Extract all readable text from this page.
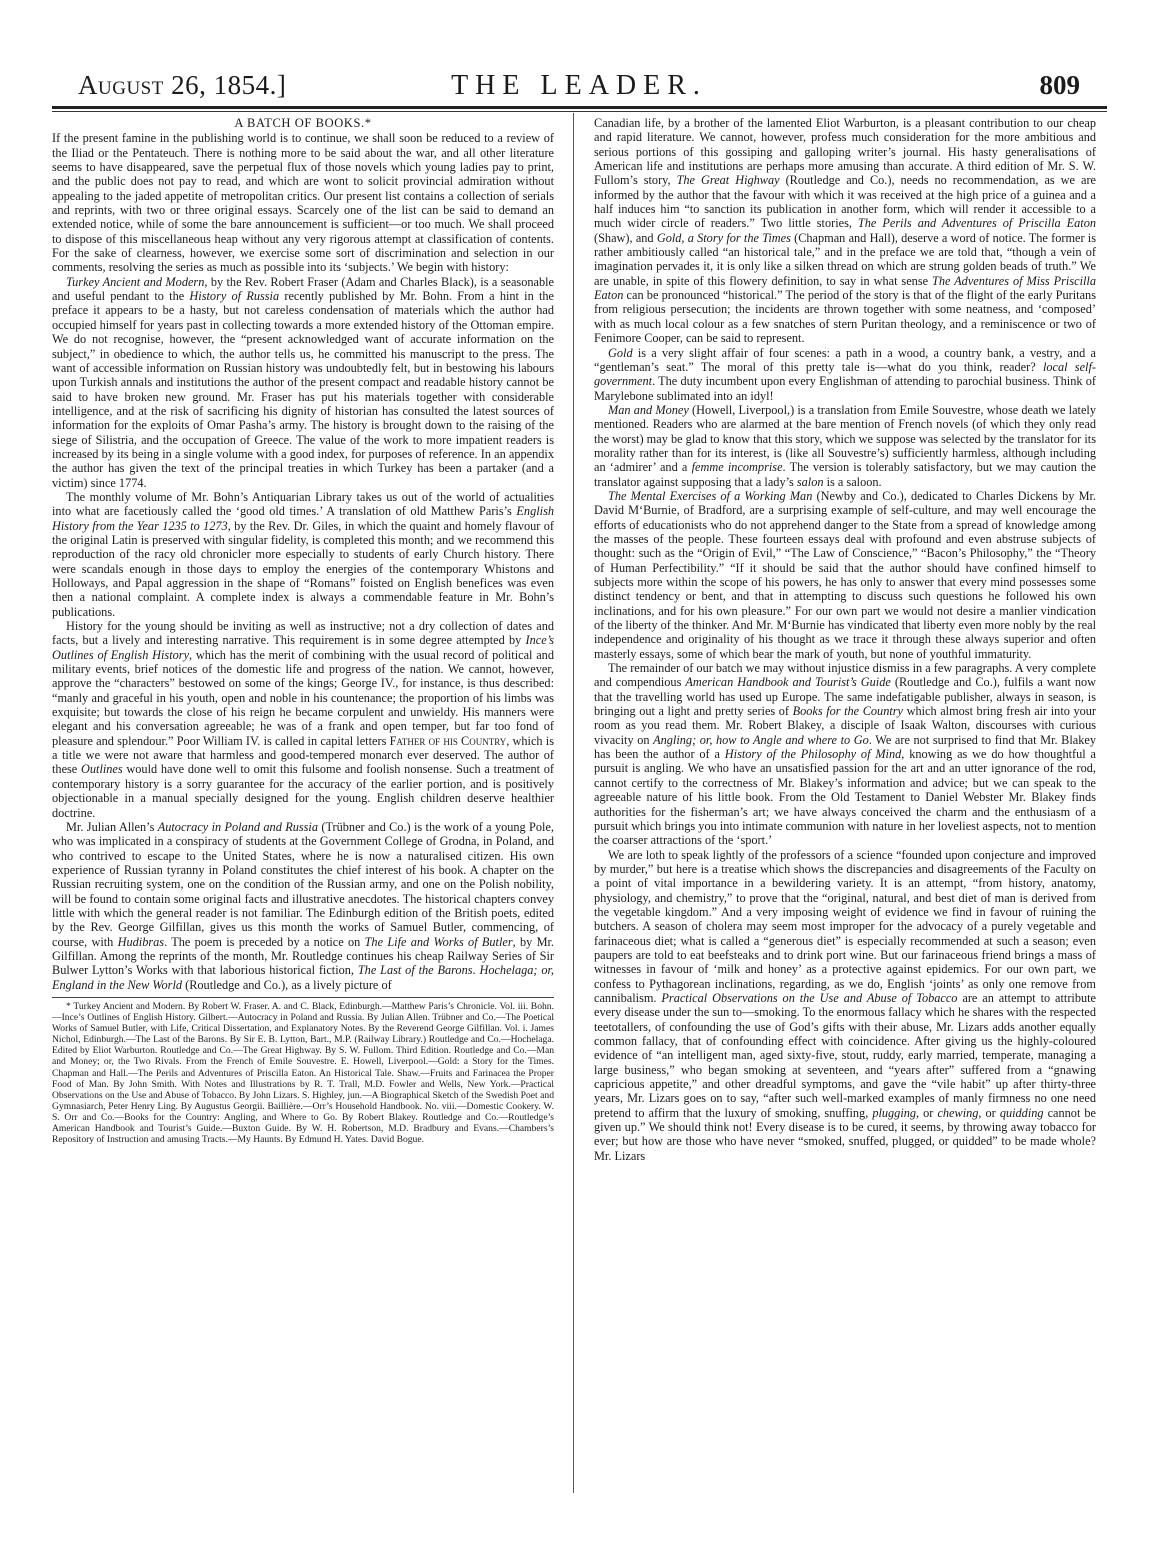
August 26, 1854.]	THE LEADER.	809
A BATCH OF BOOKS.*

If the present famine in the publishing world is to continue, we shall soon be reduced to a review of the Iliad or the Pentateuch. There is nothing more to be said about the war, and all other literature seems to have disappeared, save the perpetual flux of those novels which young ladies pay to print, and the public does not pay to read, and which are wont to solicit provincial admiration without appealing to the jaded appetite of metropolitan critics. Our present list contains a collection of serials and reprints, with two or three original essays. Scarcely one of the list can be said to demand an extended notice, while of some the bare announcement is sufficient—or too much. We shall proceed to dispose of this miscellaneous heap without any very rigorous attempt at classification of contents. For the sake of clearness, however, we exercise some sort of discrimination and selection in our comments, resolving the series as much as possible into its ‘subjects.’ We begin with history:

Turkey Ancient and Modern, by the Rev. Robert Fraser (Adam and Charles Black), is a seasonable and useful pendant to the History of Russia recently published by Mr. Bohn. From a hint in the preface it appears to be a hasty, but not careless condensation of materials which the author had occupied himself for years past in collecting towards a more extended history of the Ottoman empire. We do not recognise, however, the “present acknowledged want of accurate information on the subject,” in obedience to which, the author tells us, he committed his manuscript to the press. The want of accessible information on Russian history was undoubtedly felt, but in bestowing his labours upon Turkish annals and institutions the author of the present compact and readable history cannot be said to have broken new ground. Mr. Fraser has put his materials together with considerable intelligence, and at the risk of sacrificing his dignity of historian has consulted the latest sources of information for the exploits of Omar Pasha’s army. The history is brought down to the raising of the siege of Silistria, and the occupation of Greece. The value of the work to more impatient readers is increased by its being in a single volume with a good index, for purposes of reference. In an appendix the author has given the text of the principal treaties in which Turkey has been a partaker (and a victim) since 1774.

The monthly volume of Mr. Bohn’s Antiquarian Library takes us out of the world of actualities into what are facetiously called the ‘good old times.’ A translation of old Matthew Paris’s English History from the Year 1235 to 1273, by the Rev. Dr. Giles, in which the quaint and homely flavour of the original Latin is preserved with singular fidelity, is completed this month; and we recommend this reproduction of the racy old chronicler more especially to students of early Church history. There were scandals enough in those days to employ the energies of the contemporary Whistons and Holloways, and Papal aggression in the shape of “Romans” foisted on English benefices was even then a national complaint. A complete index is always a commendable feature in Mr. Bohn’s publications.

History for the young should be inviting as well as instructive; not a dry collection of dates and facts, but a lively and interesting narrative. This requirement is in some degree attempted by Ince’s Outlines of English History, which has the merit of combining with the usual record of political and military events, brief notices of the domestic life and progress of the nation. We cannot, however, approve the “characters” bestowed on some of the kings; George IV., for instance, is thus described: “manly and graceful in his youth, open and noble in his countenance; the proportion of his limbs was exquisite; but towards the close of his reign he became corpulent and unwieldy. His manners were elegant and his conversation agreeable; he was of a frank and open temper, but far too fond of pleasure and splendour.” Poor William IV. is called in capital letters Father of his Country, which is a title we were not aware that harmless and good-tempered monarch ever deserved. The author of these Outlines would have done well to omit this fulsome and foolish nonsense. Such a treatment of contemporary history is a sorry guarantee for the accuracy of the earlier portion, and is positively objectionable in a manual specially designed for the young. English children deserve healthier doctrine.

Mr. Julian Allen’s Autocracy in Poland and Russia (Trübner and Co.) is the work of a young Pole, who was implicated in a conspiracy of students at the Government College of Grodna, in Poland, and who contrived to escape to the United States, where he is now a naturalised citizen. His own experience of Russian tyranny in Poland constitutes the chief interest of his book. A chapter on the Russian recruiting system, one on the condition of the Russian army, and one on the Polish nobility, will be found to contain some original facts and illustrative anecdotes. The historical chapters convey little with which the general reader is not familiar. The Edinburgh edition of the British poets, edited by the Rev. George Gilfillan, gives us this month the works of Samuel Butler, commencing, of course, with Hudibras. The poem is preceded by a notice on The Life and Works of Butler, by Mr. Gilfillan. Among the reprints of the month, Mr. Routledge continues his cheap Railway Series of Sir Bulwer Lytton’s Works with that laborious historical fiction, The Last of the Barons. Hochelaga; or, England in the New World (Routledge and Co.), as a lively picture of

* Turkey Ancient and Modern. By Robert W. Fraser. A. and C. Black, Edinburgh.—Matthew Paris’s Chronicle. Vol. iii. Bohn.—Ince’s Outlines of English History. Gilbert.—Autocracy in Poland and Russia. By Julian Allen. Trübner and Co.—The Poetical Works of Samuel Butler, with Life, Critical Dissertation, and Explanatory Notes. By the Reverend George Gilfillan. Vol. i. James Nichol, Edinburgh.—The Last of the Barons. By Sir E. B. Lytton, Bart., M.P. (Railway Library.) Routledge and Co.—Hochelaga. Edited by Eliot Warburton. Routledge and Co.—The Great Highway. By S. W. Fullom. Third Edition. Routledge and Co.—Man and Money; or, the Two Rivals. From the French of Emile Souvestre. E. Howell, Liverpool.—Gold: a Story for the Times. Chapman and Hall.—The Perils and Adventures of Priscilla Eaton. An Historical Tale. Shaw.—Fruits and Farinacea the Proper Food of Man. By John Smith. With Notes and Illustrations by R. T. Trall, M.D. Fowler and Wells, New York.—Practical Observations on the Use and Abuse of Tobacco. By John Lizars. S. Highley, jun.—A Biographical Sketch of the Swedish Poet and Gymnasiarch, Peter Henry Ling. By Augustus Georgii. Baillière.—Orr’s Household Handbook. No. viii.—Domestic Cookery. W. S. Orr and Co.—Books for the Country: Angling, and Where to Go. By Robert Blakey. Routledge and Co.—Routledge’s American Handbook and Tourist’s Guide.—Buxton Guide. By W. H. Robertson, M.D. Bradbury and Evans.—Chambers’s Repository of Instruction and amusing Tracts.—My Haunts. By Edmund H. Yates. David Bogue.

Canadian life, by a brother of the lamented Eliot Warburton, is a pleasant contribution to our cheap and rapid literature. We cannot, however, profess much consideration for the more ambitious and serious portions of this gossiping and galloping writer’s journal. His hasty generalisations of American life and institutions are perhaps more amusing than accurate. A third edition of Mr. S. W. Fullom’s story, The Great Highway (Routledge and Co.), needs no recommendation, as we are informed by the author that the favour with which it was received at the high price of a guinea and a half induces him “to sanction its publication in another form, which will render it accessible to a much wider circle of readers.” Two little stories, The Perils and Adventures of Priscilla Eaton (Shaw), and Gold, a Story for the Times (Chapman and Hall), deserve a word of notice. The former is rather ambitiously called “an historical tale,” and in the preface we are told that, “though a vein of imagination pervades it, it is only like a silken thread on which are strung golden beads of truth.” We are unable, in spite of this flowery definition, to say in what sense The Adventures of Miss Priscilla Eaton can be pronounced “historical.” The period of the story is that of the flight of the early Puritans from religious persecution; the incidents are thrown together with some neatness, and ‘composed’ with as much local colour as a few snatches of stern Puritan theology, and a reminiscence or two of Fenimore Cooper, can be said to represent.

Gold is a very slight affair of four scenes: a path in a wood, a country bank, a vestry, and a “gentleman’s seat.” The moral of this pretty tale is—what do you think, reader? local self-government. The duty incumbent upon every Englishman of attending to parochial business. Think of Marylebone sublimated into an idyl!

Man and Money (Howell, Liverpool,) is a translation from Emile Souvestre, whose death we lately mentioned. Readers who are alarmed at the bare mention of French novels (of which they only read the worst) may be glad to know that this story, which we suppose was selected by the translator for its morality rather than for its interest, is (like all Souvestre’s) sufficiently harmless, although including an ‘admirer’ and a femme incomprise. The version is tolerably satisfactory, but we may caution the translator against supposing that a lady’s salon is a saloon.

The Mental Exercises of a Working Man (Newby and Co.), dedicated to Charles Dickens by Mr. David M‘Burnie, of Bradford, are a surprising example of self-culture, and may well encourage the efforts of educationists who do not apprehend danger to the State from a spread of knowledge among the masses of the people. These fourteen essays deal with profound and even abstruse subjects of thought: such as the “Origin of Evil,” “The Law of Conscience,” “Bacon’s Philosophy,” the “Theory of Human Perfectibility.” “If it should be said that the author should have confined himself to subjects more within the scope of his powers, he has only to answer that every mind possesses some distinct tendency or bent, and that in attempting to discuss such questions he followed his own inclinations, and for his own pleasure.” For our own part we would not desire a manlier vindication of the liberty of the thinker. And Mr. M‘Burnie has vindicated that liberty even more nobly by the real independence and originality of his thought as we trace it through these always superior and often masterly essays, some of which bear the mark of youth, but none of youthful immaturity.

The remainder of our batch we may without injustice dismiss in a few paragraphs. A very complete and compendious American Handbook and Tourist’s Guide (Routledge and Co.), fulfils a want now that the travelling world has used up Europe. The same indefatigable publisher, always in season, is bringing out a light and pretty series of Books for the Country which almost bring fresh air into your room as you read them. Mr. Robert Blakey, a disciple of Isaak Walton, discourses with curious vivacity on Angling; or, how to Angle and where to Go. We are not surprised to find that Mr. Blakey has been the author of a History of the Philosophy of Mind, knowing as we do how thoughtful a pursuit is angling. We who have an unsatisfied passion for the art and an utter ignorance of the rod, cannot certify to the correctness of Mr. Blakey’s information and advice; but we can speak to the agreeable nature of his little book. From the Old Testament to Daniel Webster Mr. Blakey finds authorities for the fisherman’s art; we have always conceived the charm and the enthusiasm of a pursuit which brings you into intimate communion with nature in her loveliest aspects, not to mention the coarser attractions of the ‘sport.’

We are loth to speak lightly of the professors of a science “founded upon conjecture and improved by murder,” but here is a treatise which shows the discrepancies and disagreements of the Faculty on a point of vital importance in a bewildering variety. It is an attempt, “from history, anatomy, physiology, and chemistry,” to prove that the “original, natural, and best diet of man is derived from the vegetable kingdom.” And a very imposing weight of evidence we find in favour of ruining the butchers. A season of cholera may seem most improper for the advocacy of a purely vegetable and farinaceous diet; what is called a “generous diet” is especially recommended at such a season; even paupers are told to eat beefsteaks and to drink port wine. But our farinaceous friend brings a mass of witnesses in favour of ‘milk and honey’ as a protective against epidemics. For our own part, we confess to Pythagorean inclinations, regarding, as we do, English ‘joints’ as only one remove from cannibalism. Practical Observations on the Use and Abuse of Tobacco are an attempt to attribute every disease under the sun to—smoking. To the enormous fallacy which he shares with the respected teetotallers, of confounding the use of God’s gifts with their abuse, Mr. Lizars adds another equally common fallacy, that of confounding effect with coincidence. After giving us the highly-coloured evidence of “an intelligent man, aged sixty-five, stout, ruddy, early married, temperate, managing a large business,” who began smoking at seventeen, and “years after” suffered from a “gnawing capricious appetite,” and other dreadful symptoms, and gave the “vile habit” up after thirty-three years, Mr. Lizars goes on to say, “after such well-marked examples of manly firmness no one need pretend to affirm that the luxury of smoking, snuffing, plugging, or chewing, or quidding cannot be given up.” We should think not! Every disease is to be cured, it seems, by throwing away tobacco for ever; but how are those who have never “smoked, snuffed, plugged, or quidded” to be made whole? Mr. Lizars
